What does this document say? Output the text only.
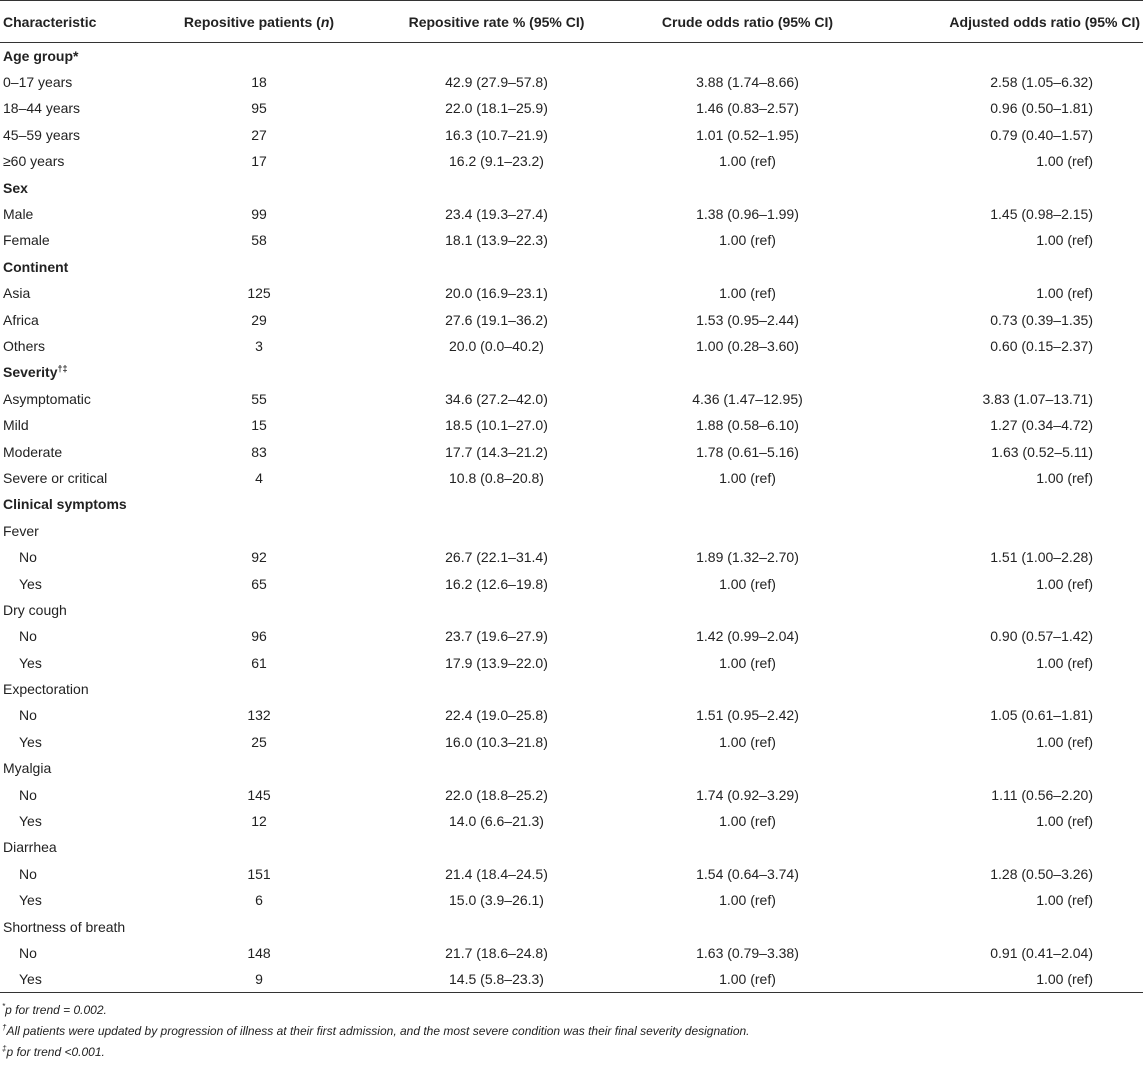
Characteristic	Repositive patients (n)	Repositive rate % (95% CI)	Crude odds ratio (95% CI)	Adjusted odds ratio (95% CI)
Age group*				
0–17 years	18	42.9 (27.9–57.8)	3.88 (1.74–8.66)	2.58 (1.05–6.32)
18–44 years	95	22.0 (18.1–25.9)	1.46 (0.83–2.57)	0.96 (0.50–1.81)
45–59 years	27	16.3 (10.7–21.9)	1.01 (0.52–1.95)	0.79 (0.40–1.57)
≥60 years	17	16.2 (9.1–23.2)	1.00 (ref)	1.00 (ref)
Sex				
Male	99	23.4 (19.3–27.4)	1.38 (0.96–1.99)	1.45 (0.98–2.15)
Female	58	18.1 (13.9–22.3)	1.00 (ref)	1.00 (ref)
Continent				
Asia	125	20.0 (16.9–23.1)	1.00 (ref)	1.00 (ref)
Africa	29	27.6 (19.1–36.2)	1.53 (0.95–2.44)	0.73 (0.39–1.35)
Others	3	20.0 (0.0–40.2)	1.00 (0.28–3.60)	0.60 (0.15–2.37)
Severity†‡				
Asymptomatic	55	34.6 (27.2–42.0)	4.36 (1.47–12.95)	3.83 (1.07–13.71)
Mild	15	18.5 (10.1–27.0)	1.88 (0.58–6.10)	1.27 (0.34–4.72)
Moderate	83	17.7 (14.3–21.2)	1.78 (0.61–5.16)	1.63 (0.52–5.11)
Severe or critical	4	10.8 (0.8–20.8)	1.00 (ref)	1.00 (ref)
Clinical symptoms				
Fever				
No	92	26.7 (22.1–31.4)	1.89 (1.32–2.70)	1.51 (1.00–2.28)
Yes	65	16.2 (12.6–19.8)	1.00 (ref)	1.00 (ref)
Dry cough				
No	96	23.7 (19.6–27.9)	1.42 (0.99–2.04)	0.90 (0.57–1.42)
Yes	61	17.9 (13.9–22.0)	1.00 (ref)	1.00 (ref)
Expectoration				
No	132	22.4 (19.0–25.8)	1.51 (0.95–2.42)	1.05 (0.61–1.81)
Yes	25	16.0 (10.3–21.8)	1.00 (ref)	1.00 (ref)
Myalgia				
No	145	22.0 (18.8–25.2)	1.74 (0.92–3.29)	1.11 (0.56–2.20)
Yes	12	14.0 (6.6–21.3)	1.00 (ref)	1.00 (ref)
Diarrhea				
No	151	21.4 (18.4–24.5)	1.54 (0.64–3.74)	1.28 (0.50–3.26)
Yes	6	15.0 (3.9–26.1)	1.00 (ref)	1.00 (ref)
Shortness of breath				
No	148	21.7 (18.6–24.8)	1.63 (0.79–3.38)	0.91 (0.41–2.04)
Yes	9	14.5 (5.8–23.3)	1.00 (ref)	1.00 (ref)
*p for trend = 0.002.
†All patients were updated by progression of illness at their first admission, and the most severe condition was their final severity designation.
‡p for trend <0.001.
